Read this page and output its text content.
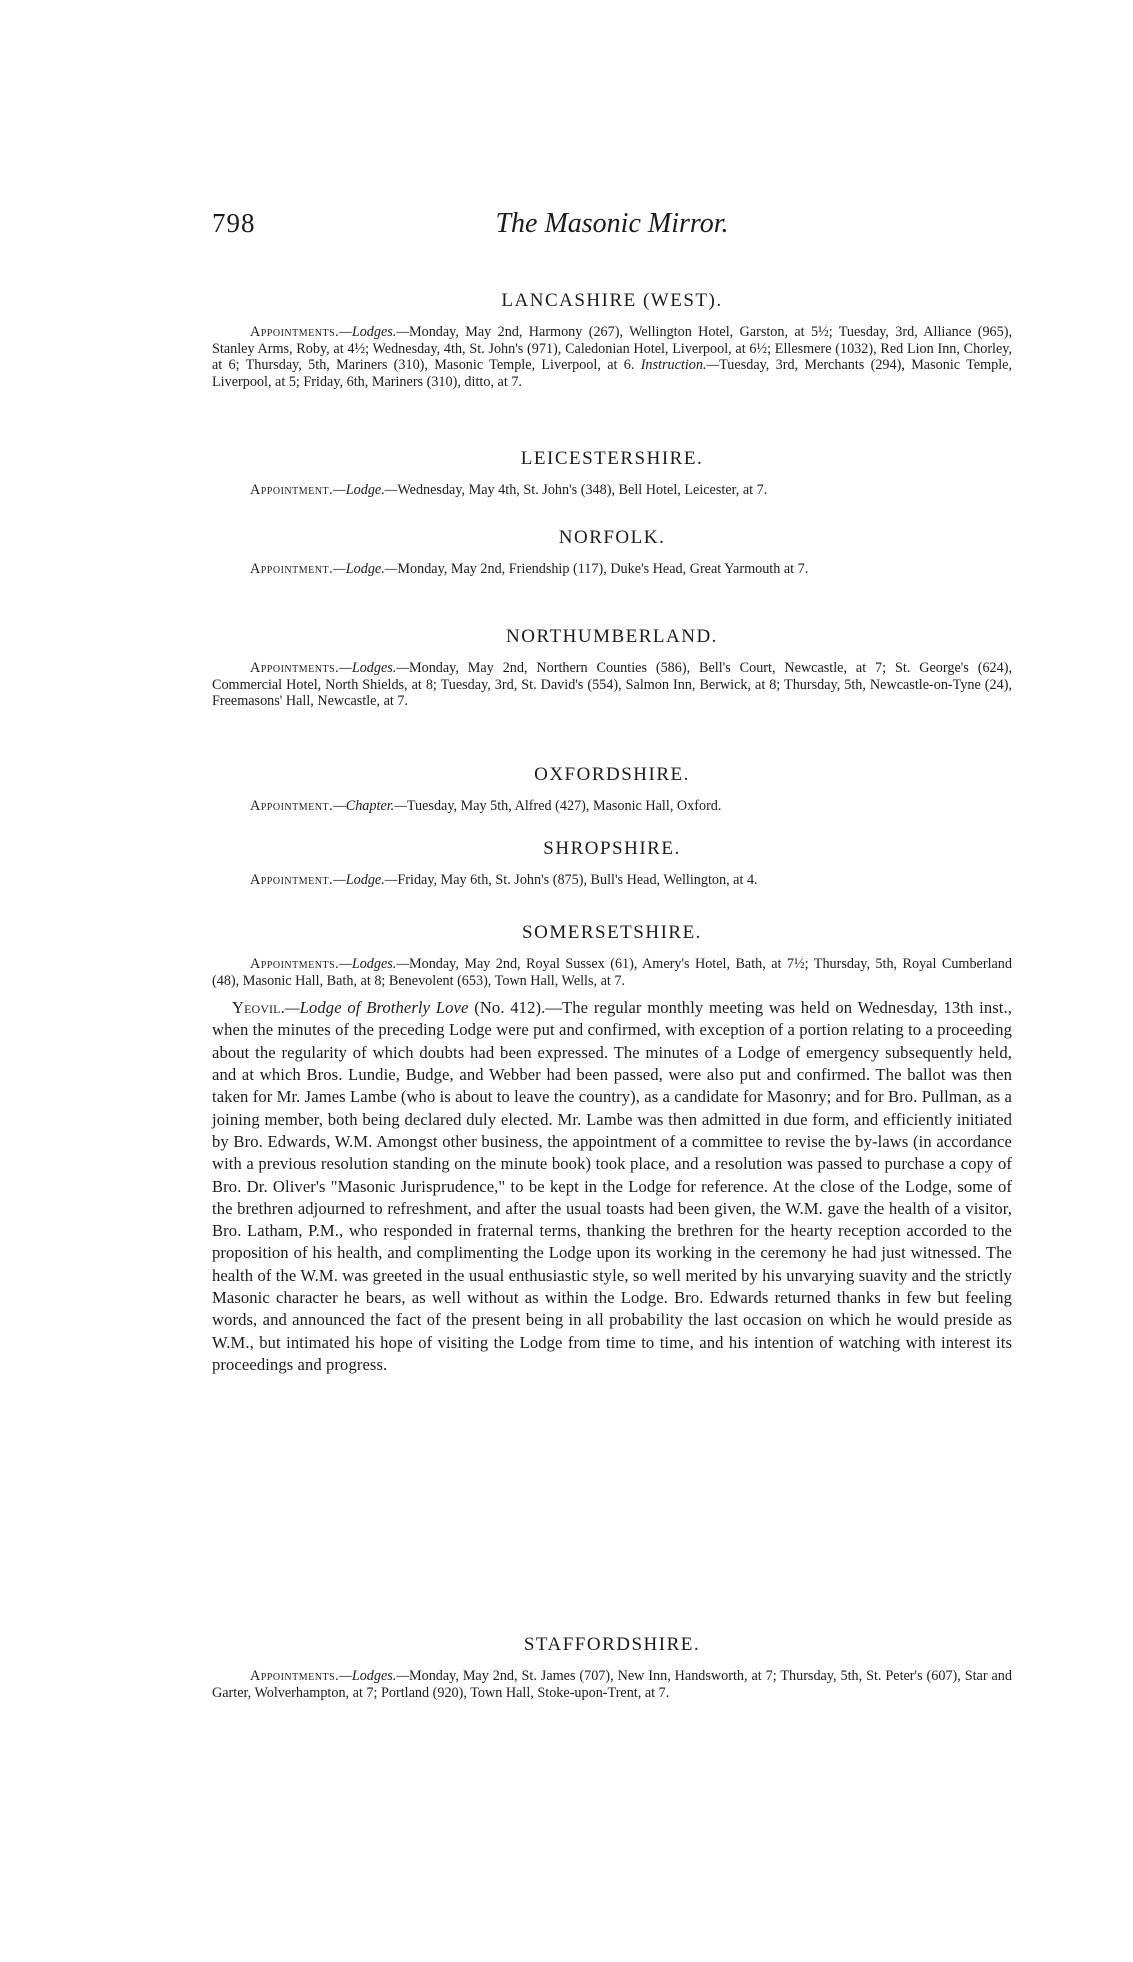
798	The Masonic Mirror.
LANCASHIRE (WEST).

Appointments.—Lodges.—Monday, May 2nd, Harmony (267), Wellington Hotel, Garston, at 5½; Tuesday, 3rd, Alliance (965), Stanley Arms, Roby, at 4½; Wednesday, 4th, St. John's (971), Caledonian Hotel, Liverpool, at 6½; Ellesmere (1032), Red Lion Inn, Chorley, at 6; Thursday, 5th, Mariners (310), Masonic Temple, Liverpool, at 6. Instruction.—Tuesday, 3rd, Merchants (294), Masonic Temple, Liverpool, at 5; Friday, 6th, Mariners (310), ditto, at 7.

LEICESTERSHIRE.

Appointment.—Lodge.—Wednesday, May 4th, St. John's (348), Bell Hotel, Leicester, at 7.

NORFOLK.

Appointment.—Lodge.—Monday, May 2nd, Friendship (117), Duke's Head, Great Yarmouth at 7.

NORTHUMBERLAND.

Appointments.—Lodges.—Monday, May 2nd, Northern Counties (586), Bell's Court, Newcastle, at 7; St. George's (624), Commercial Hotel, North Shields, at 8; Tuesday, 3rd, St. David's (554), Salmon Inn, Berwick, at 8; Thursday, 5th, Newcastle-on-Tyne (24), Freemasons' Hall, Newcastle, at 7.

OXFORDSHIRE.

Appointment.—Chapter.—Tuesday, May 5th, Alfred (427), Masonic Hall, Oxford.

SHROPSHIRE.

Appointment.—Lodge.—Friday, May 6th, St. John's (875), Bull's Head, Wellington, at 4.

SOMERSETSHIRE.

Appointments.—Lodges.—Monday, May 2nd, Royal Sussex (61), Amery's Hotel, Bath, at 7½; Thursday, 5th, Royal Cumberland (48), Masonic Hall, Bath, at 8; Benevolent (653), Town Hall, Wells, at 7.

Yeovil.—Lodge of Brotherly Love (No. 412).—The regular monthly meeting was held on Wednesday, 13th inst., when the minutes of the preceding Lodge were put and confirmed, with exception of a portion relating to a proceeding about the regularity of which doubts had been expressed. The minutes of a Lodge of emergency subsequently held, and at which Bros. Lundie, Budge, and Webber had been passed, were also put and confirmed. The ballot was then taken for Mr. James Lambe (who is about to leave the country), as a candidate for Masonry; and for Bro. Pullman, as a joining member, both being declared duly elected. Mr. Lambe was then admitted in due form, and efficiently initiated by Bro. Edwards, W.M. Amongst other business, the appointment of a committee to revise the by-laws (in accordance with a previous resolution standing on the minute book) took place, and a resolution was passed to purchase a copy of Bro. Dr. Oliver's "Masonic Jurisprudence," to be kept in the Lodge for reference. At the close of the Lodge, some of the brethren adjourned to refreshment, and after the usual toasts had been given, the W.M. gave the health of a visitor, Bro. Latham, P.M., who responded in fraternal terms, thanking the brethren for the hearty reception accorded to the proposition of his health, and complimenting the Lodge upon its working in the ceremony he had just witnessed. The health of the W.M. was greeted in the usual enthusiastic style, so well merited by his unvarying suavity and the strictly Masonic character he bears, as well without as within the Lodge. Bro. Edwards returned thanks in few but feeling words, and announced the fact of the present being in all probability the last occasion on which he would preside as W.M., but intimated his hope of visiting the Lodge from time to time, and his intention of watching with interest its proceedings and progress.

STAFFORDSHIRE.

Appointments.—Lodges.—Monday, May 2nd, St. James (707), New Inn, Handsworth, at 7; Thursday, 5th, St. Peter's (607), Star and Garter, Wolverhampton, at 7; Portland (920), Town Hall, Stoke-upon-Trent, at 7.
